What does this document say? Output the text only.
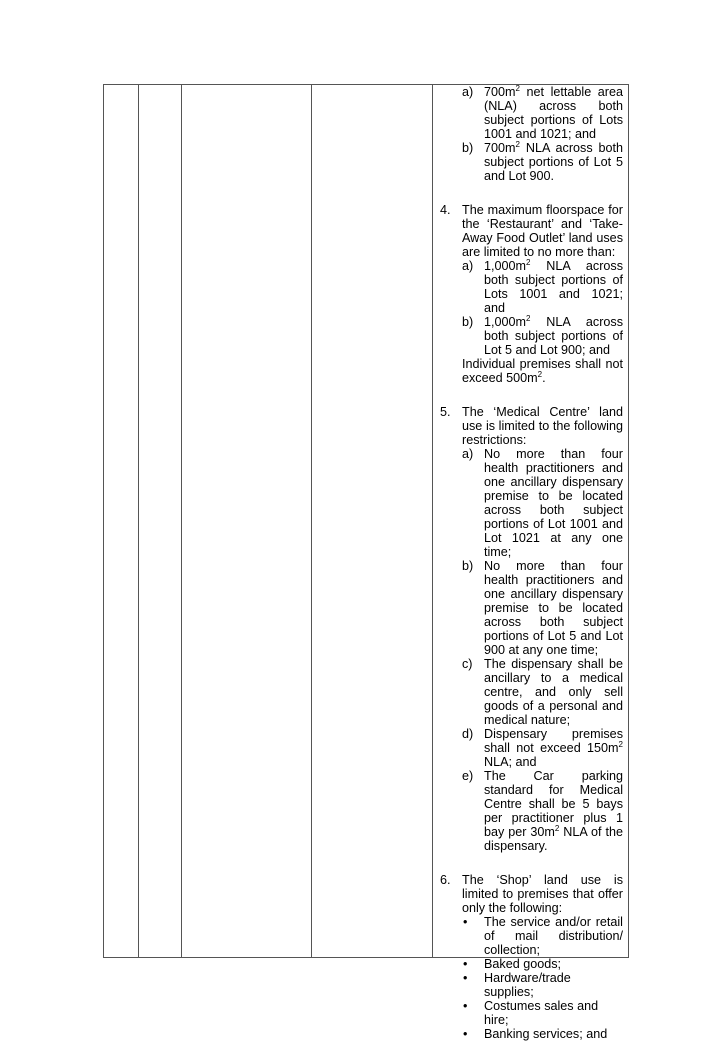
a) $700m^2$ net lettable area (NLA) across both subject portions of Lots 1001 and 1021; and
b) $700m^2$ NLA across both subject portions of Lot 5 and Lot 900.
4. The maximum floorspace for the ‘Restaurant’ and ‘Take-Away Food Outlet’ land uses are limited to no more than:
a) $1,000m^2$ NLA across both subject portions of Lots 1001 and 1021; and
b) $1,000m^2$ NLA across both subject portions of Lot 5 and Lot 900; and
Individual premises shall not exceed $500m^2$.
5. The ‘Medical Centre’ land use is limited to the following restrictions:
a) No more than four health practitioners and one ancillary dispensary premise to be located across both subject portions of Lot 1001 and Lot 1021 at any one time;
b) No more than four health practitioners and one ancillary dispensary premise to be located across both subject portions of Lot 5 and Lot 900 at any one time;
c) The dispensary shall be ancillary to a medical centre, and only sell goods of a personal and medical nature;
d) Dispensary premises shall not exceed $150m^2$ NLA; and
e) The Car parking standard for Medical Centre shall be 5 bays per practitioner plus 1 bay per $30m^2$ NLA of the dispensary.
6. The ‘Shop’ land use is limited to premises that offer only the following:
• The service and/or retail of mail distribution/ collection;
• Baked goods;
• Hardware/trade supplies;
• Costumes sales and hire;
• Banking services; and
